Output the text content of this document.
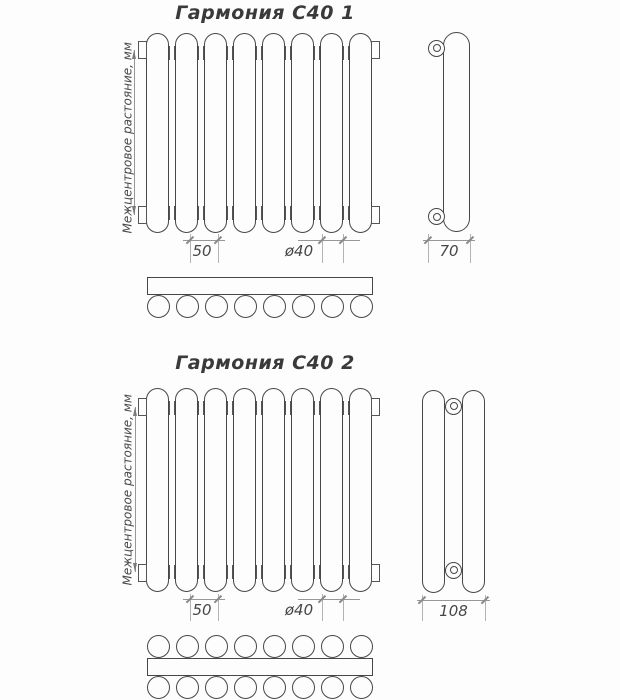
Гармония С40 1
Межцентровое растояние, мм
50	ø40	70
Гармония С40 2
Межцентровое растояние, мм
50	ø40	108
